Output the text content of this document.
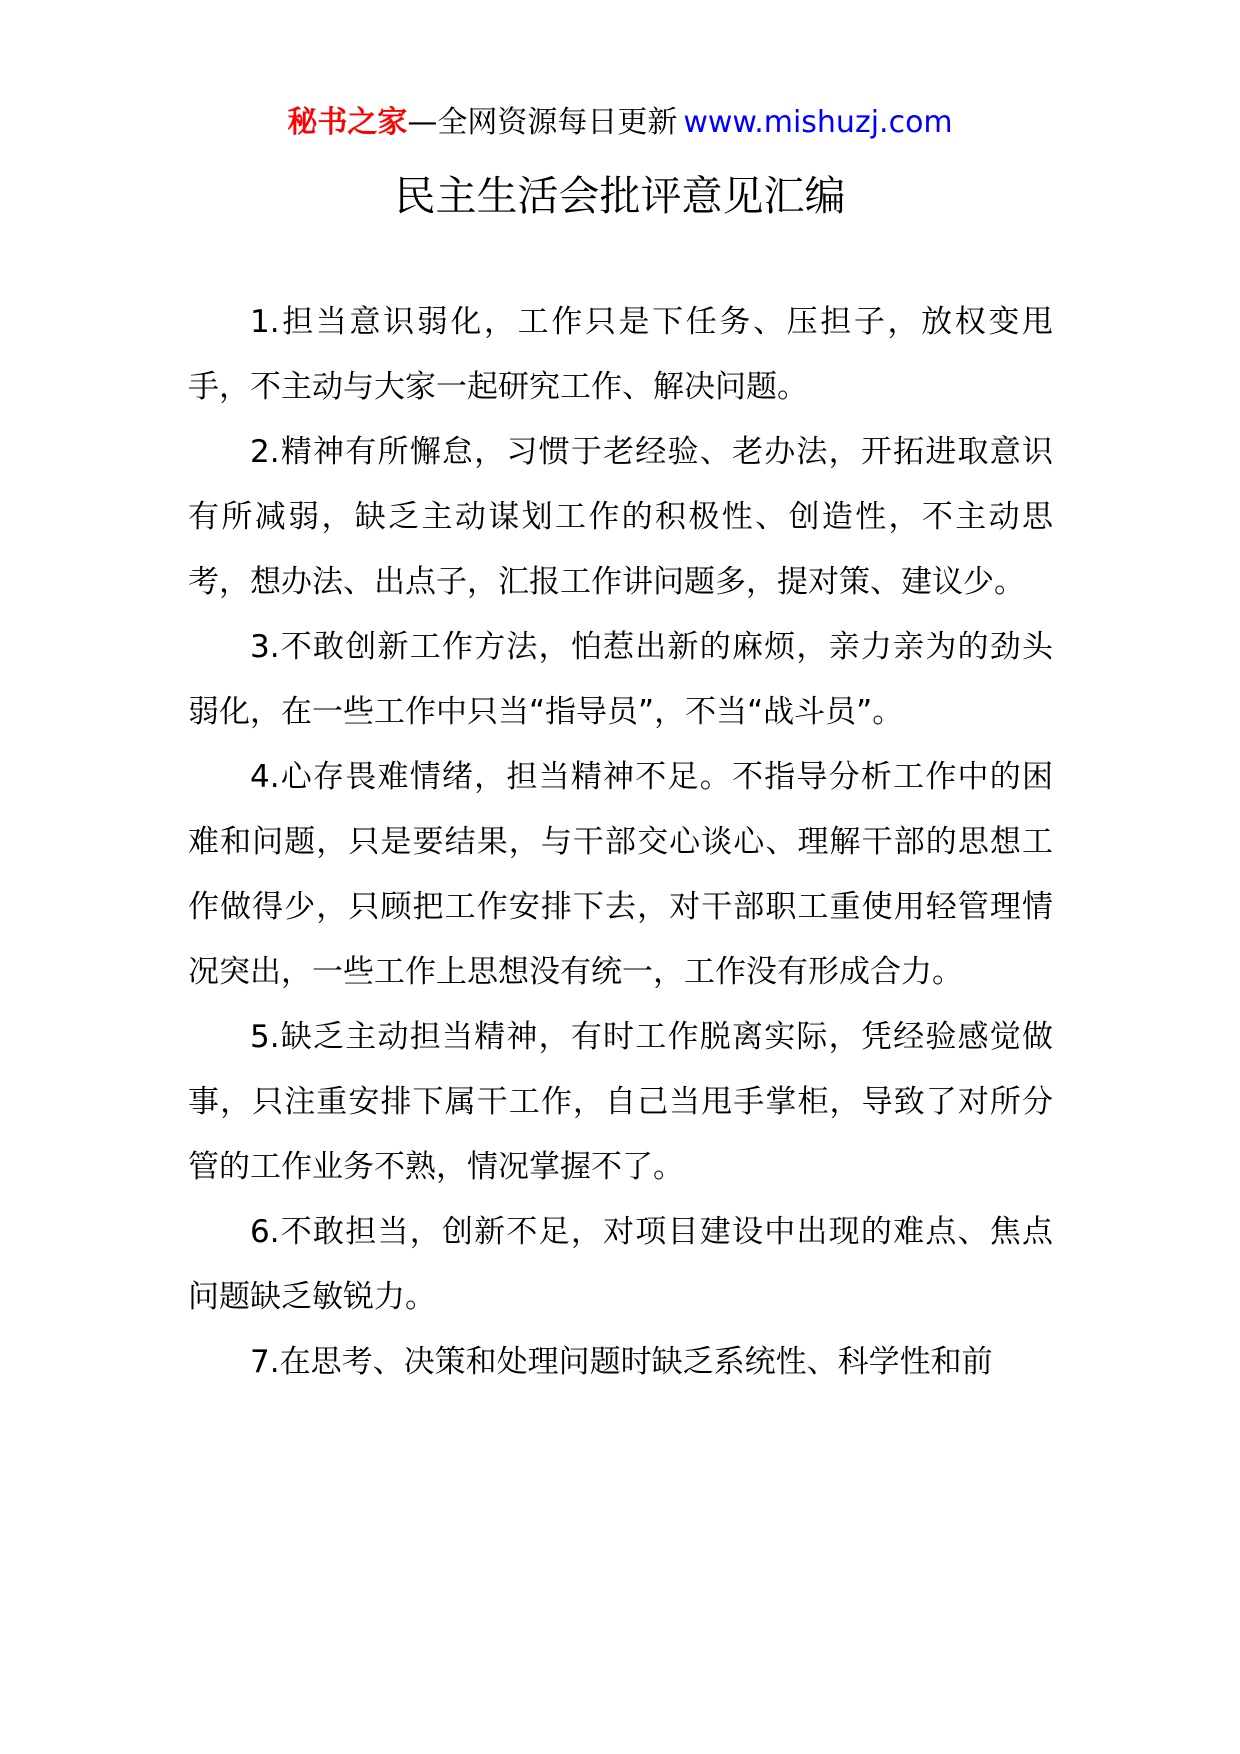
秘书之家—全网资源每日更新 www.mishuzj.com
民主生活会批评意见汇编

1.担当意识弱化，工作只是下任务、压担子，放权变甩手，不主动与大家一起研究工作、解决问题。

2.精神有所懈怠，习惯于老经验、老办法，开拓进取意识有所减弱，缺乏主动谋划工作的积极性、创造性，不主动思考，想办法、出点子，汇报工作讲问题多，提对策、建议少。

3.不敢创新工作方法，怕惹出新的麻烦，亲力亲为的劲头弱化，在一些工作中只当“指导员”，不当“战斗员”。

4.心存畏难情绪，担当精神不足。不指导分析工作中的困难和问题，只是要结果，与干部交心谈心、理解干部的思想工作做得少，只顾把工作安排下去，对干部职工重使用轻管理情况突出，一些工作上思想没有统一，工作没有形成合力。

5.缺乏主动担当精神，有时工作脱离实际，凭经验感觉做事，只注重安排下属干工作，自己当甩手掌柜，导致了对所分管的工作业务不熟，情况掌握不了。

6.不敢担当，创新不足，对项目建设中出现的难点、焦点问题缺乏敏锐力。

7.在思考、决策和处理问题时缺乏系统性、科学性和前
